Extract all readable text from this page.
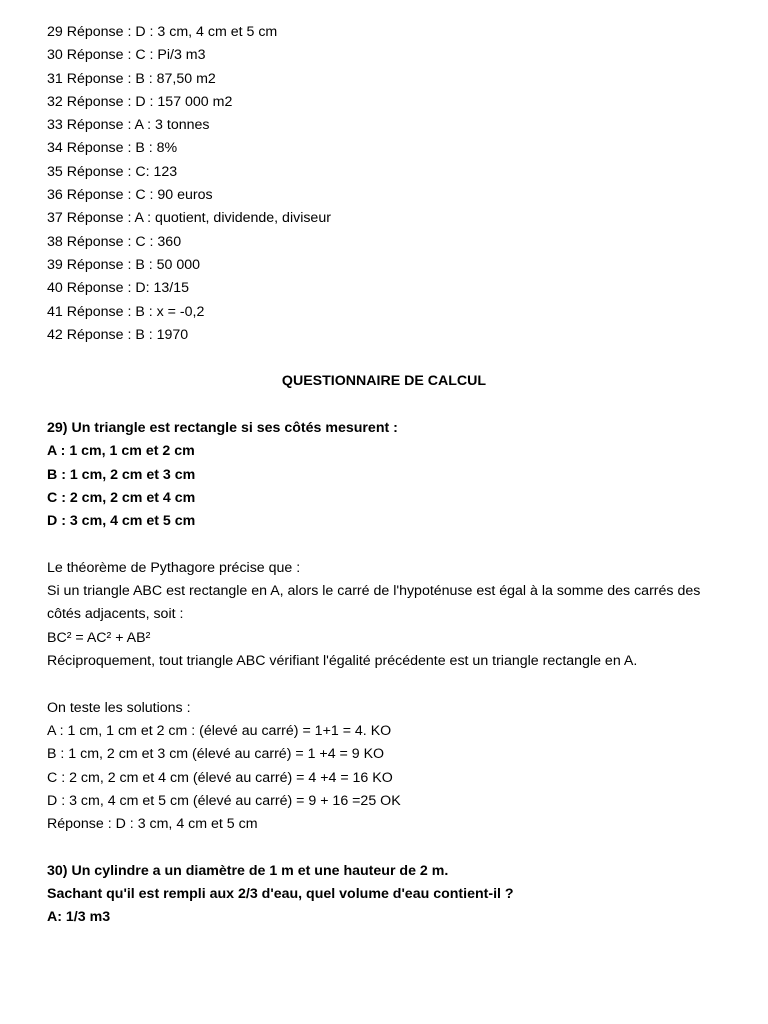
29 Réponse : D : 3 cm, 4 cm et 5 cm
30 Réponse : C : Pi/3 m3
31 Réponse : B : 87,50 m2
32 Réponse : D : 157 000 m2
33 Réponse : A : 3 tonnes
34 Réponse : B : 8%
35 Réponse : C: 123
36 Réponse : C : 90 euros
37 Réponse : A : quotient, dividende, diviseur
38 Réponse : C : 360
39 Réponse : B : 50 000
40 Réponse : D: 13/15
41 Réponse : B : x = -0,2
42 Réponse : B : 1970
QUESTIONNAIRE DE CALCUL
29) Un triangle est rectangle si ses côtés mesurent :
A : 1 cm, 1 cm et 2 cm
B : 1 cm, 2 cm et 3 cm
C : 2 cm, 2 cm et 4 cm
D : 3 cm, 4 cm et 5 cm
Le théorème de Pythagore précise que :
Si un triangle ABC est rectangle en A, alors le carré de l'hypoténuse est égal à la somme des carrés des côtés adjacents, soit :
BC² = AC² + AB²
Réciproquement, tout triangle ABC vérifiant l'égalité précédente est un triangle rectangle en A.
On teste les solutions :
A : 1 cm, 1 cm et 2 cm : (élevé au carré) = 1+1 = 4. KO
B : 1 cm, 2 cm et 3 cm (élevé au carré) = 1 +4 = 9 KO
C : 2 cm, 2 cm et 4 cm (élevé au carré) = 4 +4 = 16 KO
D : 3 cm, 4 cm et 5 cm (élevé au carré) = 9 + 16 =25 OK
Réponse : D : 3 cm, 4 cm et 5 cm
30) Un cylindre a un diamètre de 1 m et une hauteur de 2 m.
Sachant qu'il est rempli aux 2/3 d'eau, quel volume d'eau contient-il ?
A: 1/3 m3
